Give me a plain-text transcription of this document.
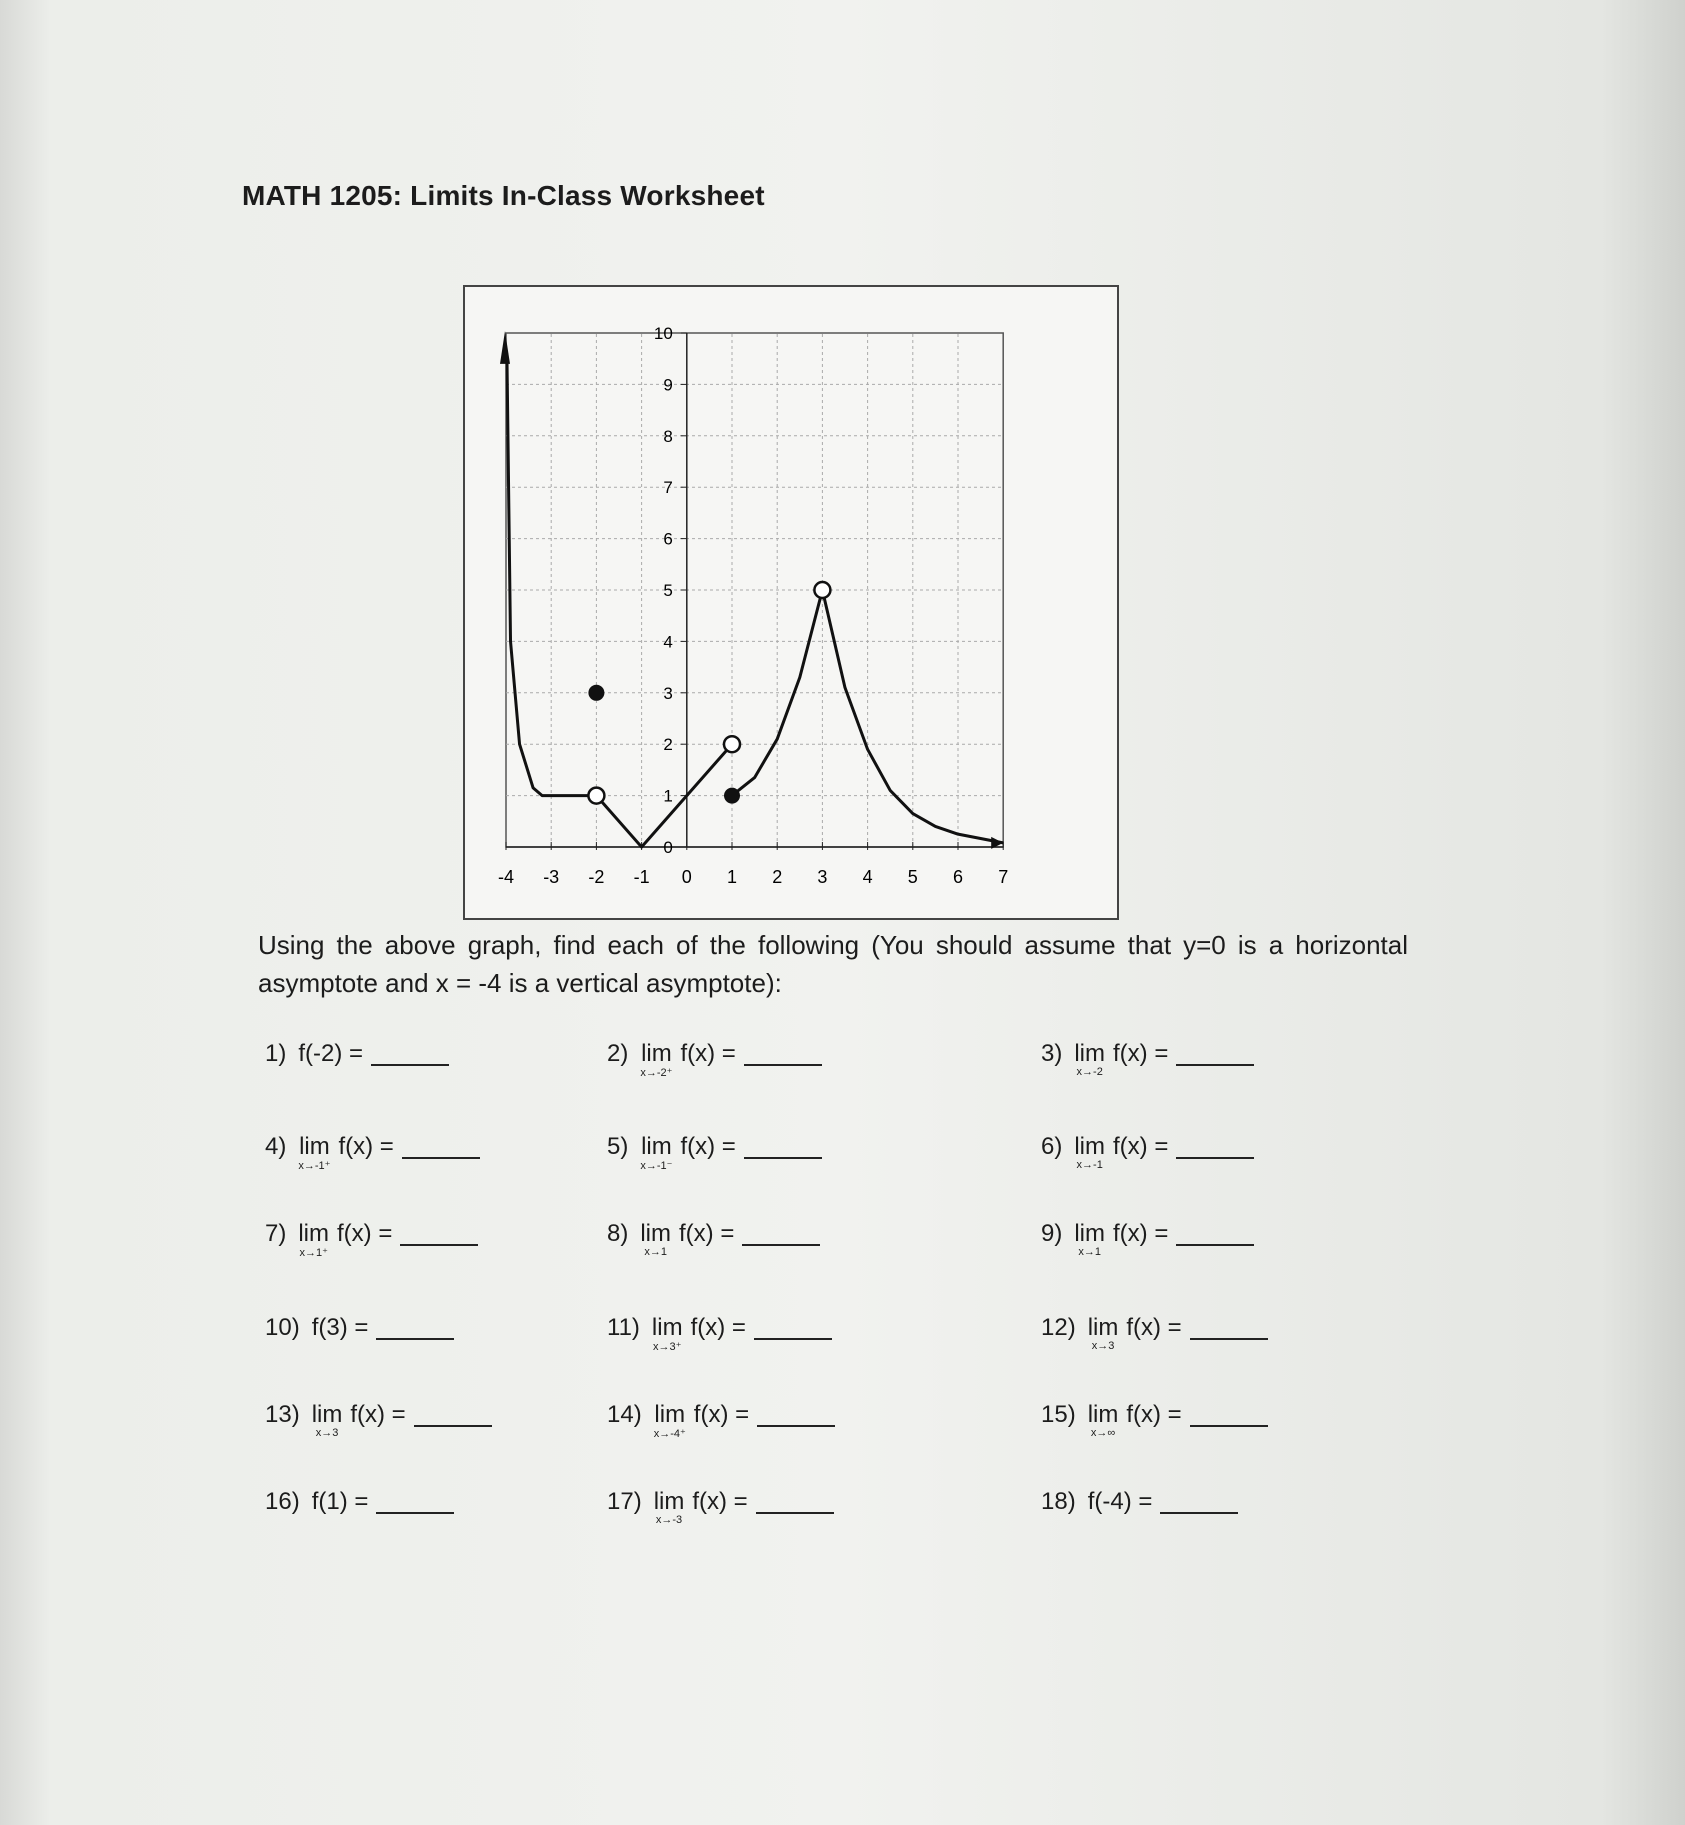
MATH 1205: Limits In-Class Worksheet
-4 -3 -2 -1 0 1 2 3 4 5 6 7
0
1
2
3
4
5
6
7
8
9
10
Using the above graph, find each of the following (You should assume that y=0 is a horizontal asymptote and x = -4 is a vertical asymptote):
1) f(-2) =	2) lim
x→-2⁺
f(x) =	3) lim
x→-2
f(x) =
4) lim
x→-1⁺
f(x) =	5) lim
x→-1⁻
f(x) =	6) lim
x→-1
f(x) =
7) lim
x→1⁺
f(x) =	8) lim
x→1
f(x) =	9) lim
x→1
f(x) =
10) f(3) =	11) lim
x→3⁺
f(x) =	12) lim
x→3
f(x) =
13) lim
x→3
f(x) =	14) lim
x→-4⁺
f(x) =	15) lim
x→∞
f(x) =
16) f(1) =	17) lim
x→-3
f(x) =	18) f(-4) =
